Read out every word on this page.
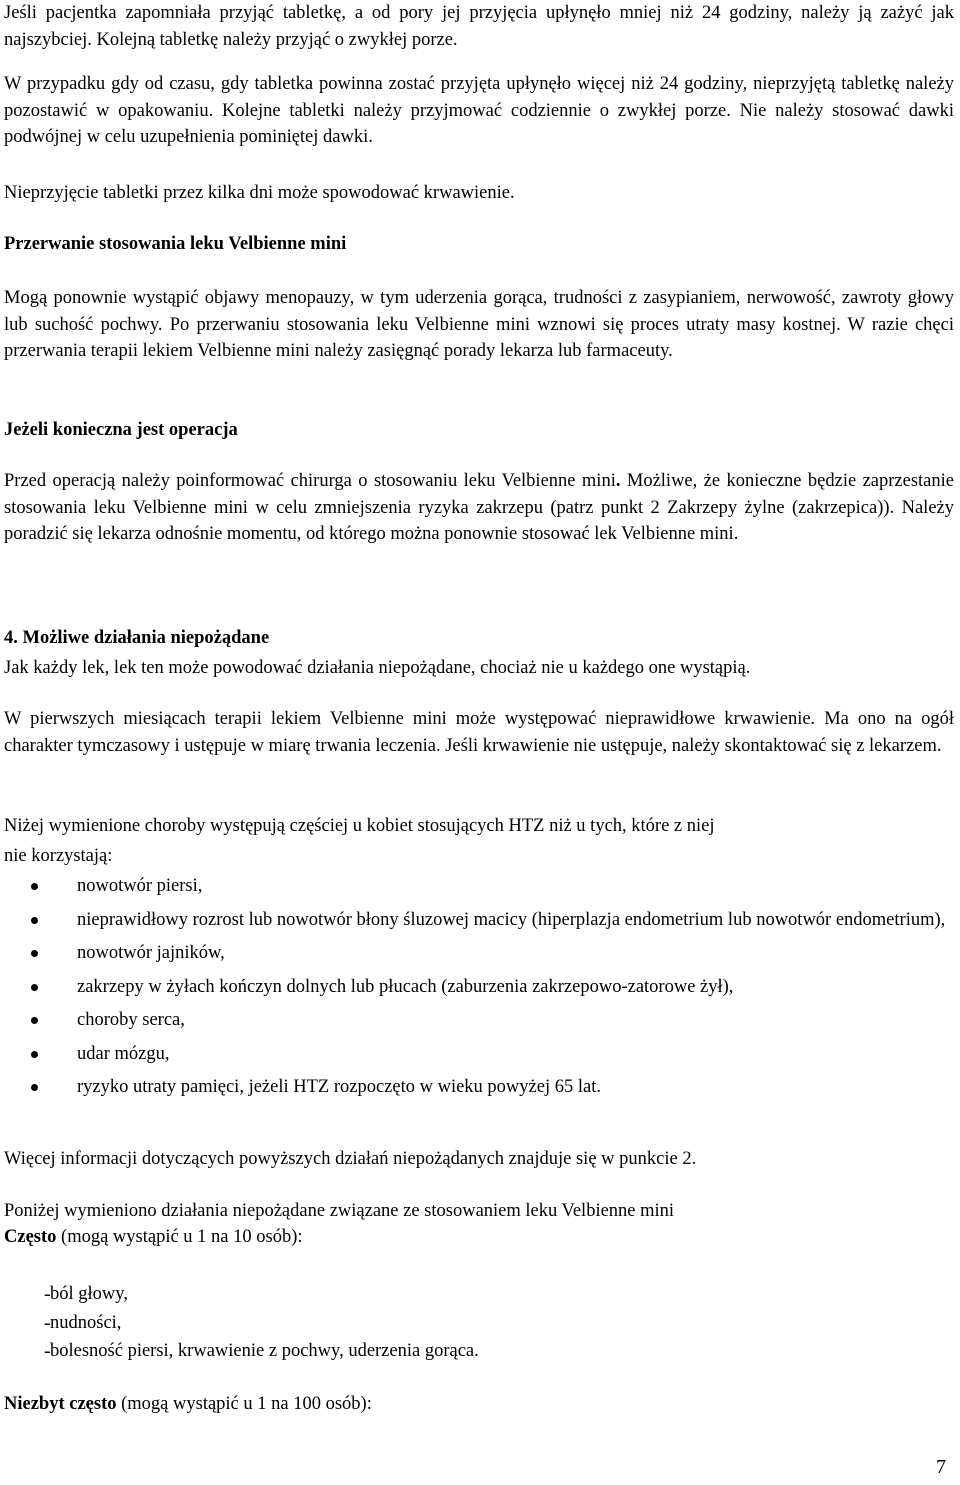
Jeśli pacjentka zapomniała przyjąć tabletkę, a od pory jej przyjęcia upłynęło mniej niż 24 godziny, należy ją zażyć jak najszybciej. Kolejną tabletkę należy przyjąć o zwykłej porze.

W przypadku gdy od czasu, gdy tabletka powinna zostać przyjęta upłynęło więcej niż 24 godziny, nieprzyjętą tabletkę należy pozostawić w opakowaniu. Kolejne tabletki należy przyjmować codziennie o zwykłej porze. Nie należy stosować dawki podwójnej w celu uzupełnienia pominiętej dawki.

Nieprzyjęcie tabletki przez kilka dni może spowodować krwawienie.

Przerwanie stosowania leku Velbienne mini

Mogą ponownie wystąpić objawy menopauzy, w tym uderzenia gorąca, trudności z zasypianiem, nerwowość, zawroty głowy lub suchość pochwy. Po przerwaniu stosowania leku Velbienne mini wznowi się proces utraty masy kostnej. W razie chęci przerwania terapii lekiem Velbienne mini należy zasięgnąć porady lekarza lub farmaceuty.

Jeżeli konieczna jest operacja

Przed operacją należy poinformować chirurga o stosowaniu leku Velbienne mini. Możliwe, że konieczne będzie zaprzestanie stosowania leku Velbienne mini w celu zmniejszenia ryzyka zakrzepu (patrz punkt 2 Zakrzepy żylne (zakrzepica)). Należy poradzić się lekarza odnośnie momentu, od którego można ponownie stosować lek Velbienne mini.

4. Możliwe działania niepożądane

Jak każdy lek, lek ten może powodować działania niepożądane, chociaż nie u każdego one wystąpią.

W pierwszych miesiącach terapii lekiem Velbienne mini może występować nieprawidłowe krwawienie. Ma ono na ogół charakter tymczasowy i ustępuje w miarę trwania leczenia. Jeśli krwawienie nie ustępuje, należy skontaktować się z lekarzem.

Niżej wymienione choroby występują częściej u kobiet stosujących HTZ niż u tych, które z niej

nie korzystają:

nowotwór piersi,
nieprawidłowy rozrost lub nowotwór błony śluzowej macicy (hiperplazja endometrium lub nowotwór endometrium),
nowotwór jajników,
zakrzepy w żyłach kończyn dolnych lub płucach (zaburzenia zakrzepowo-zatorowe żył),
choroby serca,
udar mózgu,
ryzyko utraty pamięci, jeżeli HTZ rozpoczęto w wieku powyżej 65 lat.

Więcej informacji dotyczących powyższych działań niepożądanych znajduje się w punkcie 2.

Poniżej wymieniono działania niepożądane związane ze stosowaniem leku Velbienne mini

Często (mogą wystąpić u 1 na 10 osób):

- ból głowy,
- nudności,
- bolesność piersi, krwawienie z pochwy, uderzenia gorąca.

Niezbyt często (mogą wystąpić u 1 na 100 osób):

7
